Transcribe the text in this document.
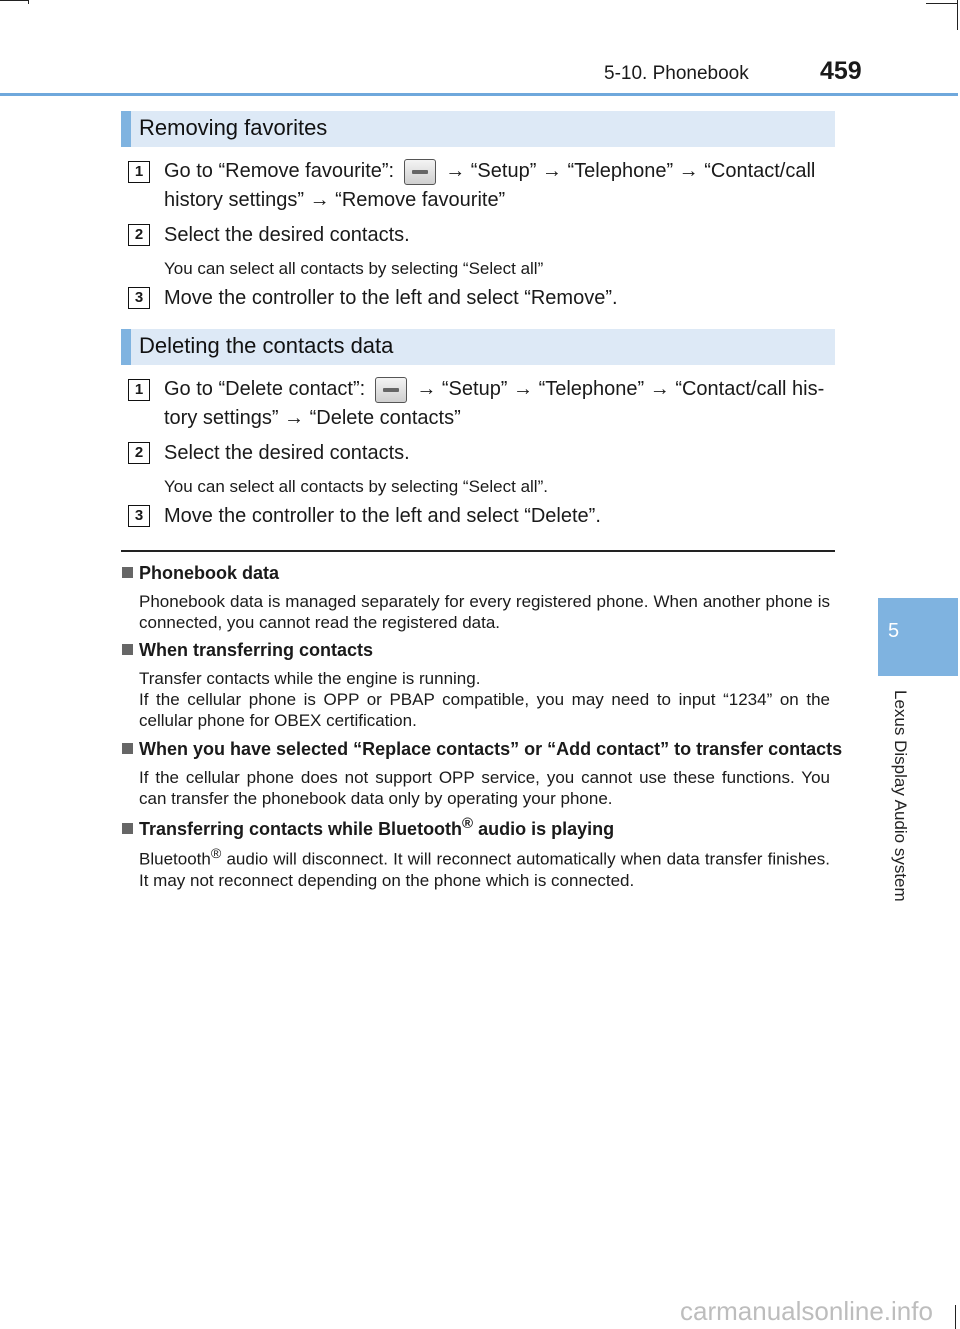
5-10. Phonebook	459
5
Lexus Display Audio system
Removing favorites
1	Go to “Remove favourite”:	→ “Setup” → “Telephone” → “Contact/call
history settings” → “Remove favourite”
2	Select the desired contacts.
You can select all contacts by selecting “Select all”
3	Move the controller to the left and select “Remove”.
Deleting the contacts data
1	Go to “Delete contact”:	→ “Setup” → “Telephone” → “Contact/call his-
tory settings” → “Delete contacts”
2	Select the desired contacts.
You can select all contacts by selecting “Select all”.
3	Move the controller to the left and select “Delete”.
Phonebook data
Phonebook data is managed separately for every registered phone. When another phone is connected, you cannot read the registered data.
When transferring contacts
Transfer contacts while the engine is running.
If the cellular phone is OPP or PBAP compatible, you may need to input “1234” on the cellular phone for OBEX certification.
When you have selected “Replace contacts” or “Add contact” to transfer contacts
If the cellular phone does not support OPP service, you cannot use these functions. You can transfer the phonebook data only by operating your phone.
Transferring contacts while Bluetooth® audio is playing
Bluetooth® audio will disconnect. It will reconnect automatically when data transfer finishes. It may not reconnect depending on the phone which is connected.
carmanualsonline.info
